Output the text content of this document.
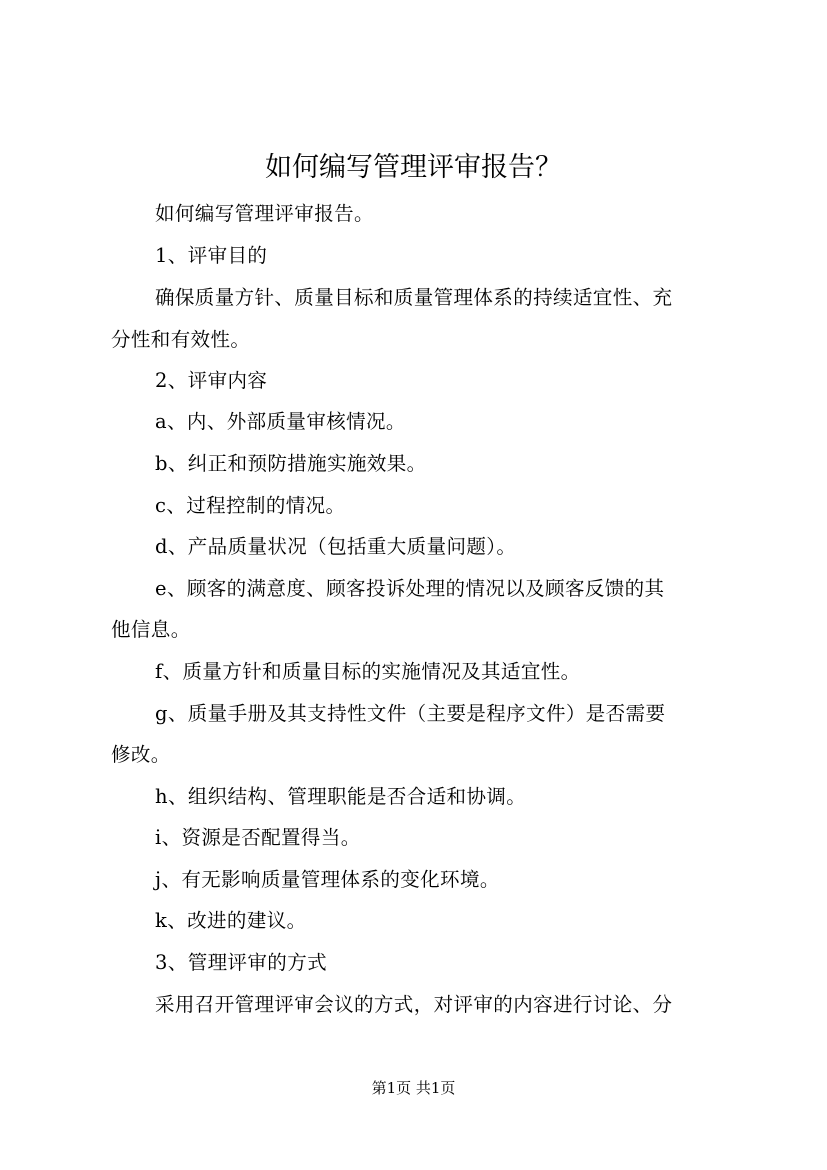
如何编写管理评审报告？
如何编写管理评审报告。
1、评审目的
确保质量方针、质量目标和质量管理体系的持续适宜性、充
分性和有效性。
2、评审内容
a、内、外部质量审核情况。
b、纠正和预防措施实施效果。
c、过程控制的情况。
d、产品质量状况（包括重大质量问题）。
e、顾客的满意度、顾客投诉处理的情况以及顾客反馈的其
他信息。
f、质量方针和质量目标的实施情况及其适宜性。
g、质量手册及其支持性文件（主要是程序文件）是否需要
修改。
h、组织结构、管理职能是否合适和协调。
i、资源是否配置得当。
j、有无影响质量管理体系的变化环境。
k、改进的建议。
3、管理评审的方式
采用召开管理评审会议的方式，对评审的内容进行讨论、分
第1页 共1页
